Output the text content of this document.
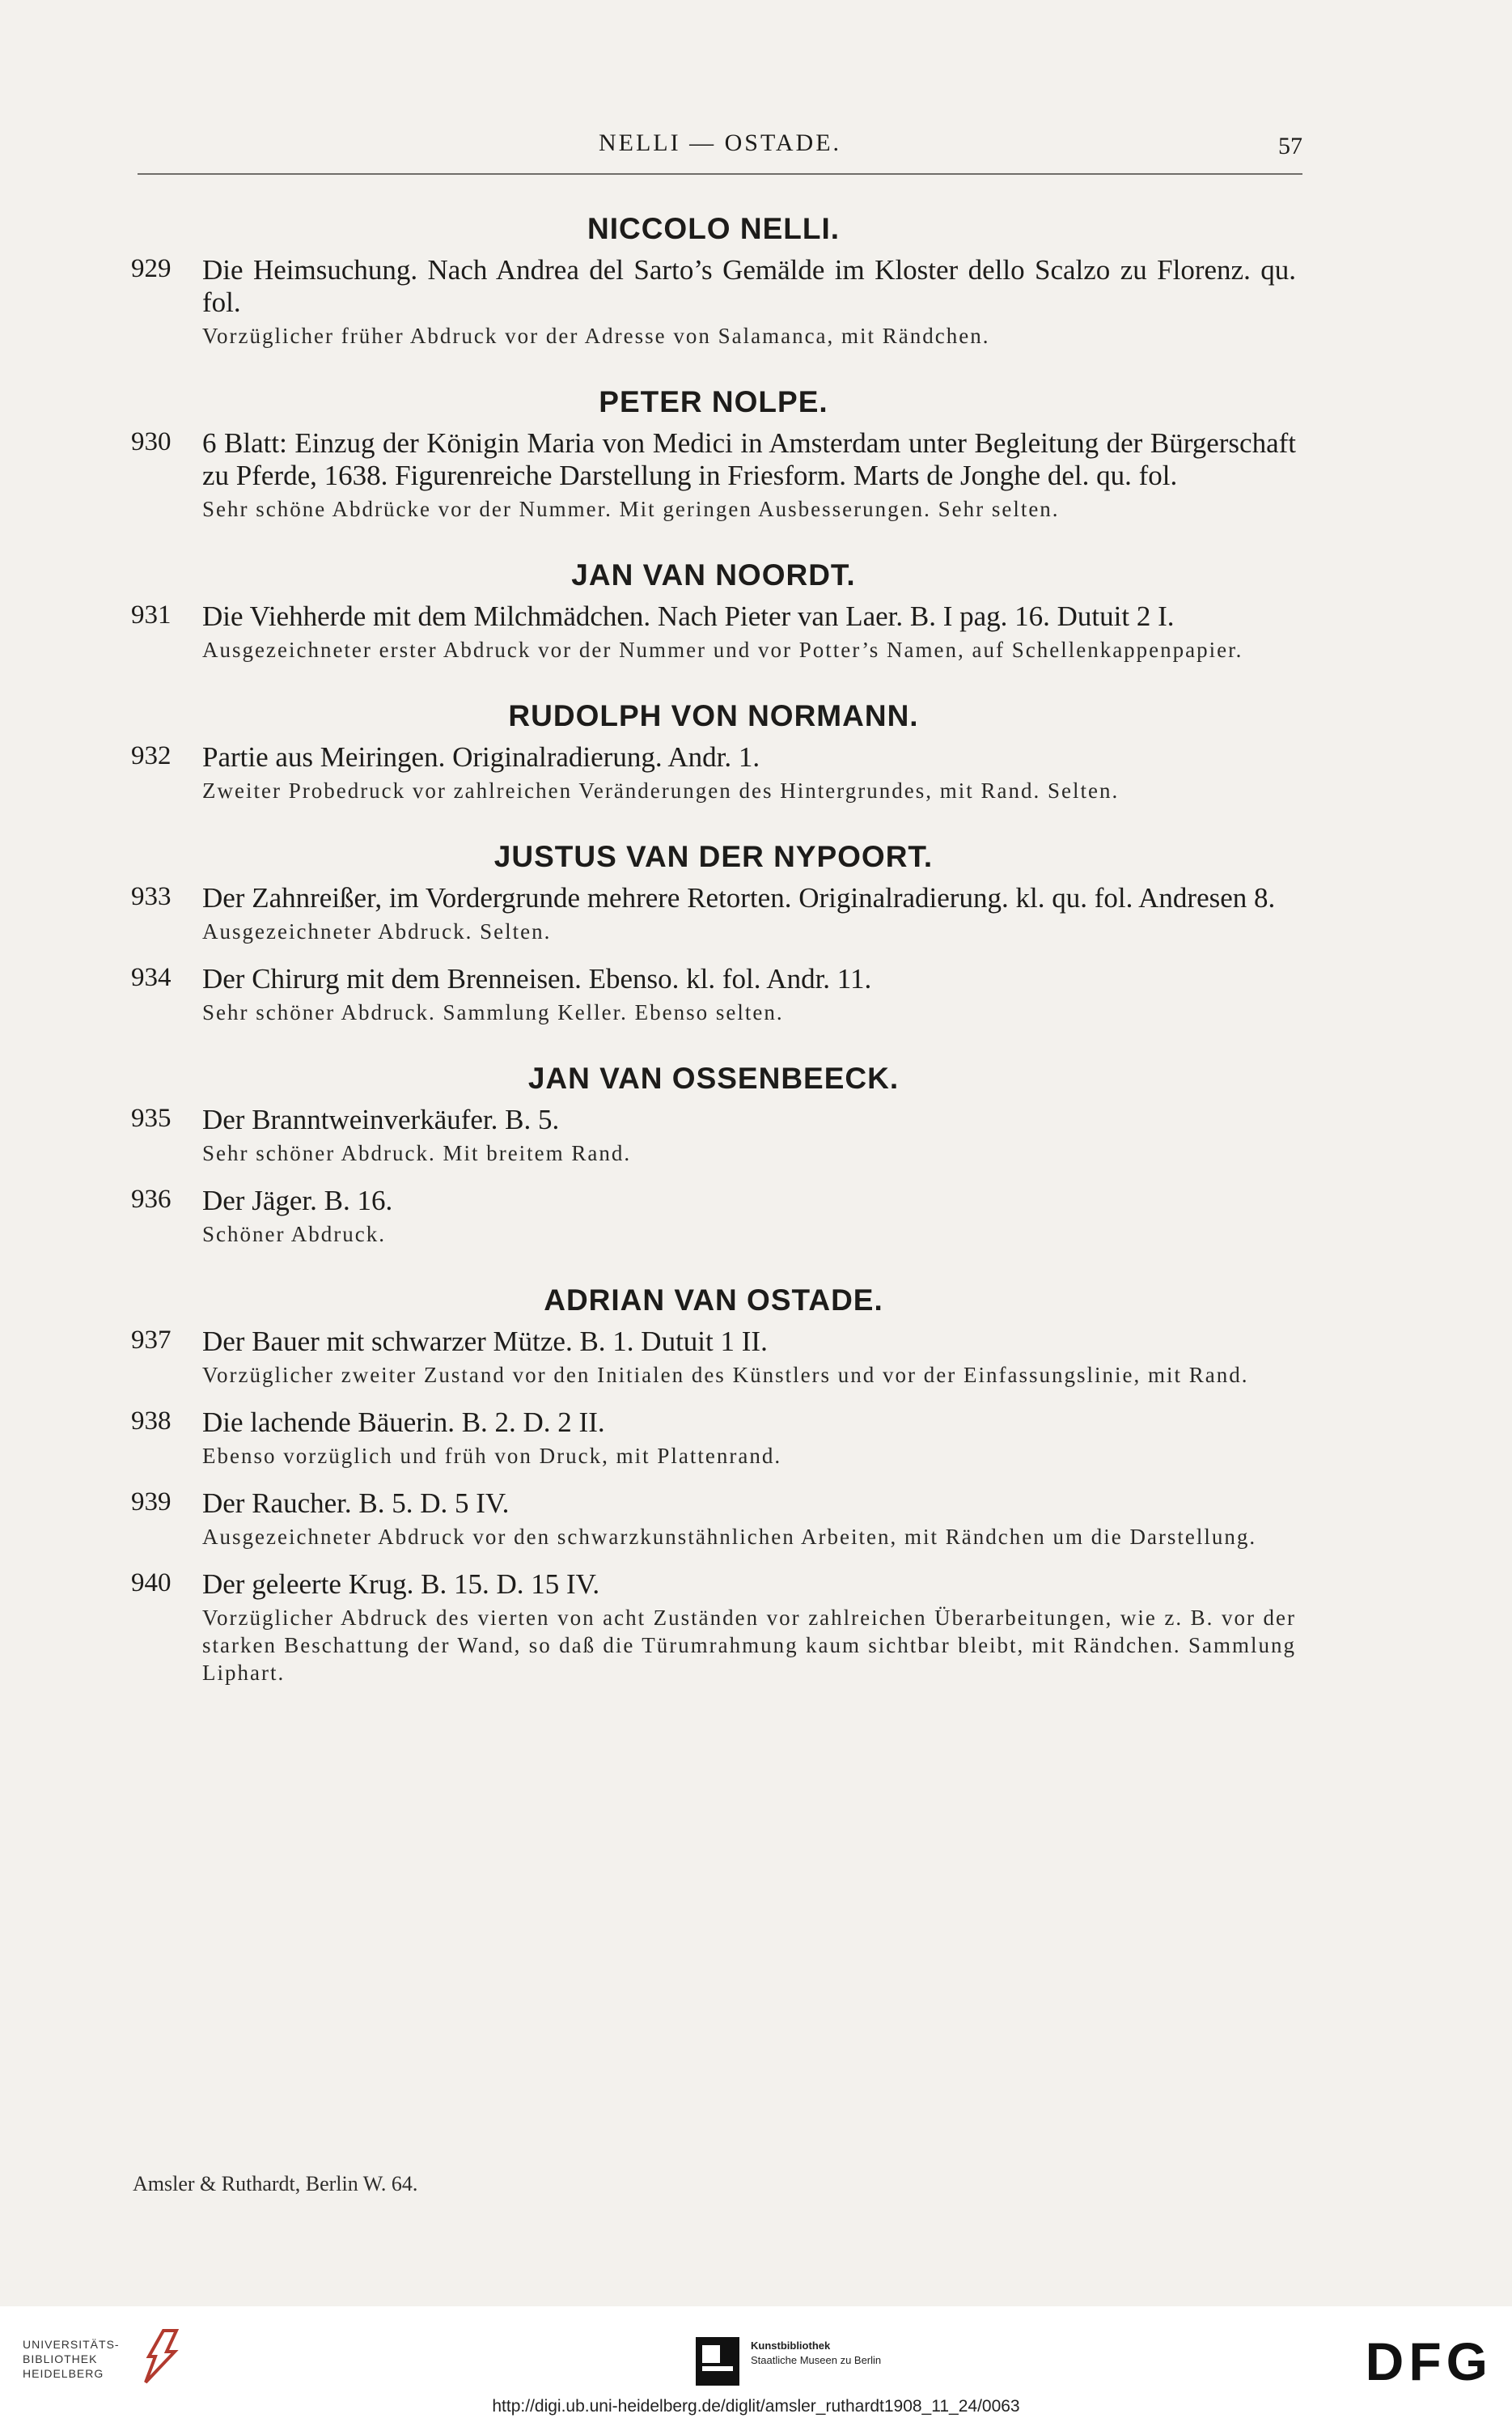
NELLI — OSTADE.	57
NICCOLO NELLI.
929	Die Heimsuchung. Nach Andrea del Sarto’s Gemälde im Kloster dello Scalzo zu Florenz. qu. fol.
Vorzüglicher früher Abdruck vor der Adresse von Salamanca, mit Rändchen.
PETER NOLPE.
930	6 Blatt: Einzug der Königin Maria von Medici in Amsterdam unter Begleitung der Bürgerschaft zu Pferde, 1638. Figurenreiche Darstellung in Friesform. Marts de Jonghe del. qu. fol.
Sehr schöne Abdrücke vor der Nummer. Mit geringen Ausbesserungen. Sehr selten.
JAN VAN NOORDT.
931	Die Viehherde mit dem Milchmädchen. Nach Pieter van Laer. B. I pag. 16. Dutuit 2 I.
Ausgezeichneter erster Abdruck vor der Nummer und vor Potter’s Namen, auf Schellenkappenpapier.
RUDOLPH VON NORMANN.
932	Partie aus Meiringen. Originalradierung. Andr. 1.
Zweiter Probedruck vor zahlreichen Veränderungen des Hintergrundes, mit Rand. Selten.
JUSTUS VAN DER NYPOORT.
933	Der Zahnreißer, im Vordergrunde mehrere Retorten. Originalradierung. kl. qu. fol. Andresen 8.
Ausgezeichneter Abdruck. Selten.
934	Der Chirurg mit dem Brenneisen. Ebenso. kl. fol. Andr. 11.
Sehr schöner Abdruck. Sammlung Keller. Ebenso selten.
JAN VAN OSSENBEECK.
935	Der Branntweinverkäufer. B. 5.
Sehr schöner Abdruck. Mit breitem Rand.
936	Der Jäger. B. 16.
Schöner Abdruck.
ADRIAN VAN OSTADE.
937	Der Bauer mit schwarzer Mütze. B. 1. Dutuit 1 II.
Vorzüglicher zweiter Zustand vor den Initialen des Künstlers und vor der Einfassungslinie, mit Rand.
938	Die lachende Bäuerin. B. 2. D. 2 II.
Ebenso vorzüglich und früh von Druck, mit Plattenrand.
939	Der Raucher. B. 5. D. 5 IV.
Ausgezeichneter Abdruck vor den schwarzkunstähnlichen Arbeiten, mit Rändchen um die Darstellung.
940	Der geleerte Krug. B. 15. D. 15 IV.
Vorzüglicher Abdruck des vierten von acht Zuständen vor zahlreichen Überarbeitungen, wie z. B. vor der starken Beschattung der Wand, so daß die Türumrahmung kaum sichtbar bleibt, mit Rändchen. Sammlung Liphart.
Amsler & Ruthardt, Berlin W. 64.
UNIVERSITÄTS-
BIBLIOTHEK
HEIDELBERG
Kunstbibliothek
Staatliche Museen zu Berlin	DFG
http://digi.ub.uni-heidelberg.de/diglit/amsler_ruthardt1908_11_24/0063
